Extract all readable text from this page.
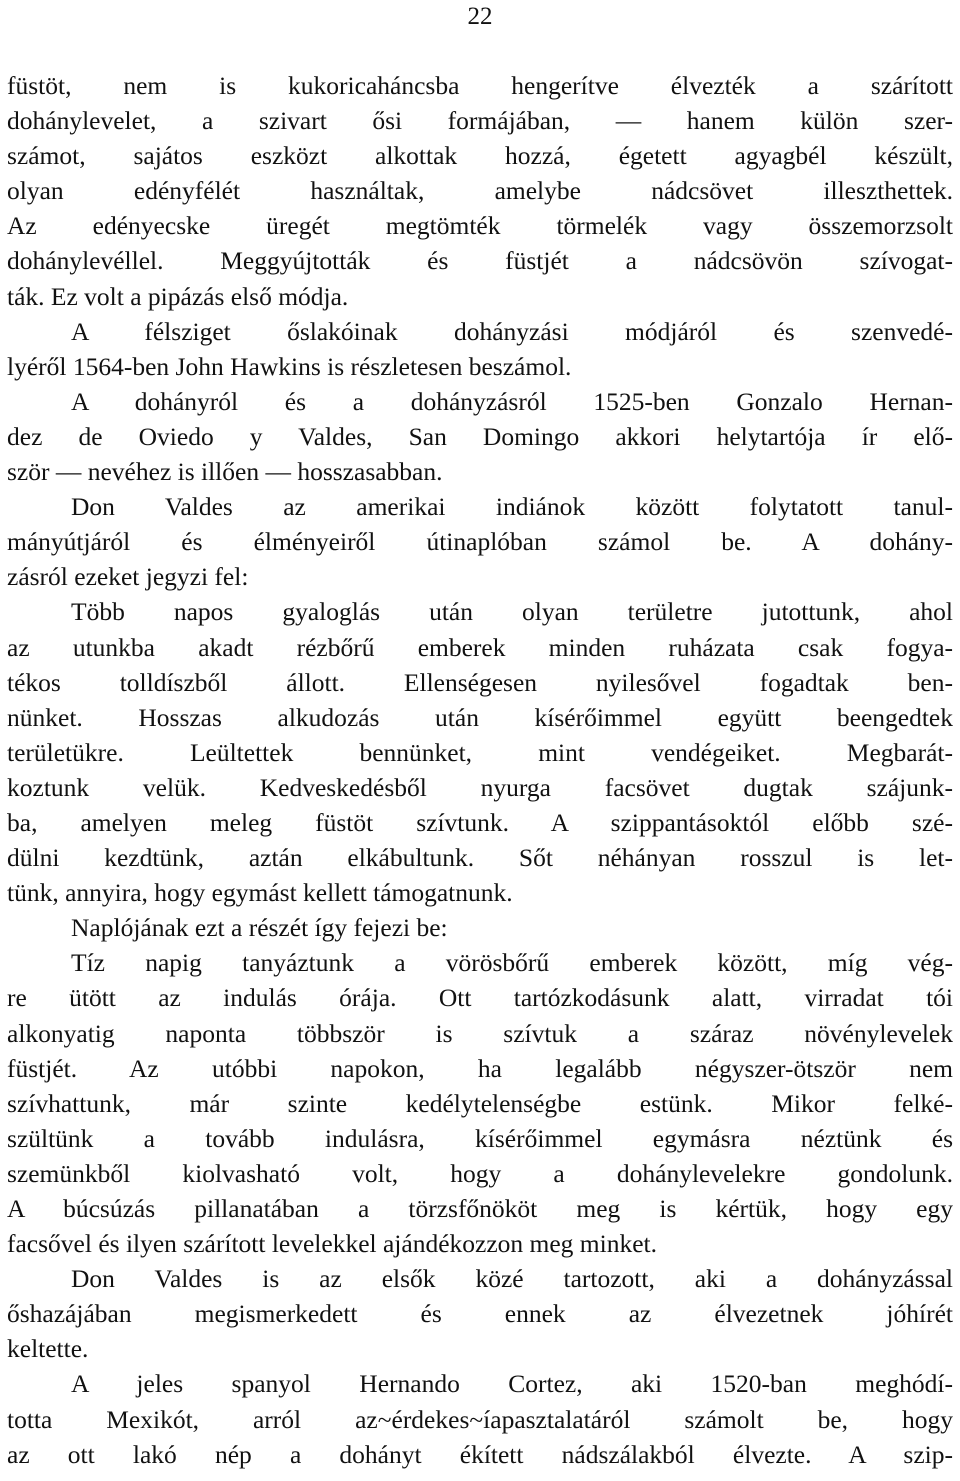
22
füstöt, nem is kukoricaháncsba hengerítve élvezték a szárított
dohánylevelet, a szivart ősi formájában, — hanem külön szer-
számot, sajátos eszközt alkottak hozzá, égetett agyagbél készült,
olyan edényfélét használtak, amelybe nádcsövet illeszthettek.
Az edényecske üregét megtömték törmelék vagy összemorzsolt
dohánylevéllel. Meggyújtották és füstjét a nádcsövön szívogat-
ták. Ez volt a pipázás első módja.
A félsziget őslakóinak dohányzási módjáról és szenvedé-
lyéről 1564-ben John Hawkins is részletesen beszámol.
A dohányról és a dohányzásról 1525-ben Gonzalo Hernan-
dez de Oviedo y Valdes, San Domingo akkori helytartója ír elő-
ször — nevéhez is illően — hosszasabban.
Don Valdes az amerikai indiánok között folytatott tanul-
mányútjáról és élményeiről útinaplóban számol be. A dohány-
zásról ezeket jegyzi fel:
Több napos gyaloglás után olyan területre jutottunk, ahol
az utunkba akadt rézbőrű emberek minden ruházata csak fogya-
tékos tolldíszből állott. Ellenségesen nyilesővel fogadtak ben-
nünket. Hosszas alkudozás után kísérőimmel együtt beengedtek
területükre. Leültettek bennünket, mint vendégeiket. Megbarát-
koztunk velük. Kedveskedésből nyurga facsövet dugtak szájunk-
ba, amelyen meleg füstöt szívtunk. A szippantásoktól előbb szé-
dülni kezdtünk, aztán elkábultunk. Sőt néhányan rosszul is let-
tünk, annyira, hogy egymást kellett támogatnunk.
Naplójának ezt a részét így fejezi be:
Tíz napig tanyáztunk a vörösbőrű emberek között, míg vég-
re ütött az indulás órája. Ott tartózkodásunk alatt, virradat tói
alkonyatig naponta többször is szívtuk a száraz növénylevelek
füstjét. Az utóbbi napokon, ha legalább négyszer-ötször nem
szívhattunk, már szinte kedélytelenségbe estünk. Mikor felké-
szültünk a tovább indulásra, kísérőimmel egymásra néztünk és
szemünkből kiolvasható volt, hogy a dohánylevelekre gondolunk.
A búcsúzás pillanatában a törzsfőnököt meg is kértük, hogy egy
facsővel és ilyen szárított levelekkel ajándékozzon meg minket.
Don Valdes is az elsők közé tartozott, aki a dohányzással
őshazájában megismerkedett és ennek az élvezetnek jóhírét
keltette.
A jeles spanyol Hernando Cortez, aki 1520-ban meghódí-
totta Mexikót, arról az~érdekes~íapasztalatáról számolt be, hogy
az ott lakó nép a dohányt ékített nádszálakból élvezte. A szip-
